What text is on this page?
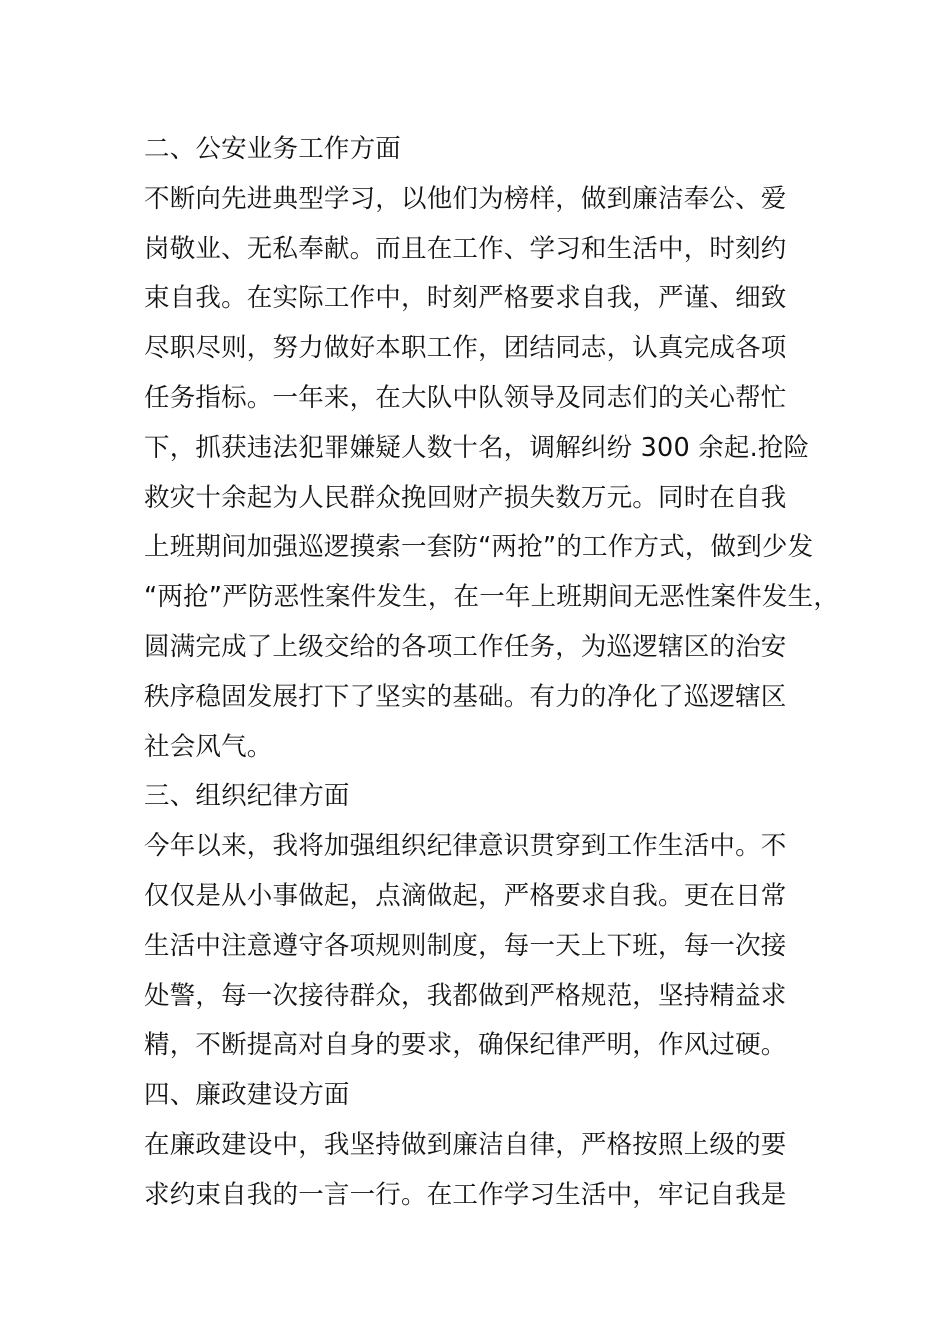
二、公安业务工作方面
不断向先进典型学习，以他们为榜样，做到廉洁奉公、爱
岗敬业、无私奉献。而且在工作、学习和生活中，时刻约
束自我。在实际工作中，时刻严格要求自我，严谨、细致
尽职尽则，努力做好本职工作，团结同志，认真完成各项
任务指标。一年来，在大队中队领导及同志们的关心帮忙
下，抓获违法犯罪嫌疑人数十名，调解纠纷 300 余起.抢险
救灾十余起为人民群众挽回财产损失数万元。同时在自我
上班期间加强巡逻摸索一套防“两抢”的工作方式，做到少发
“两抢”严防恶性案件发生，在一年上班期间无恶性案件发生，
圆满完成了上级交给的各项工作任务，为巡逻辖区的治安
秩序稳固发展打下了坚实的基础。有力的净化了巡逻辖区
社会风气。
三、组织纪律方面
今年以来，我将加强组织纪律意识贯穿到工作生活中。不
仅仅是从小事做起，点滴做起，严格要求自我。更在日常
生活中注意遵守各项规则制度，每一天上下班，每一次接
处警，每一次接待群众，我都做到严格规范，坚持精益求
精，不断提高对自身的要求，确保纪律严明，作风过硬。
四、廉政建设方面
在廉政建设中，我坚持做到廉洁自律，严格按照上级的要
求约束自我的一言一行。在工作学习生活中，牢记自我是
